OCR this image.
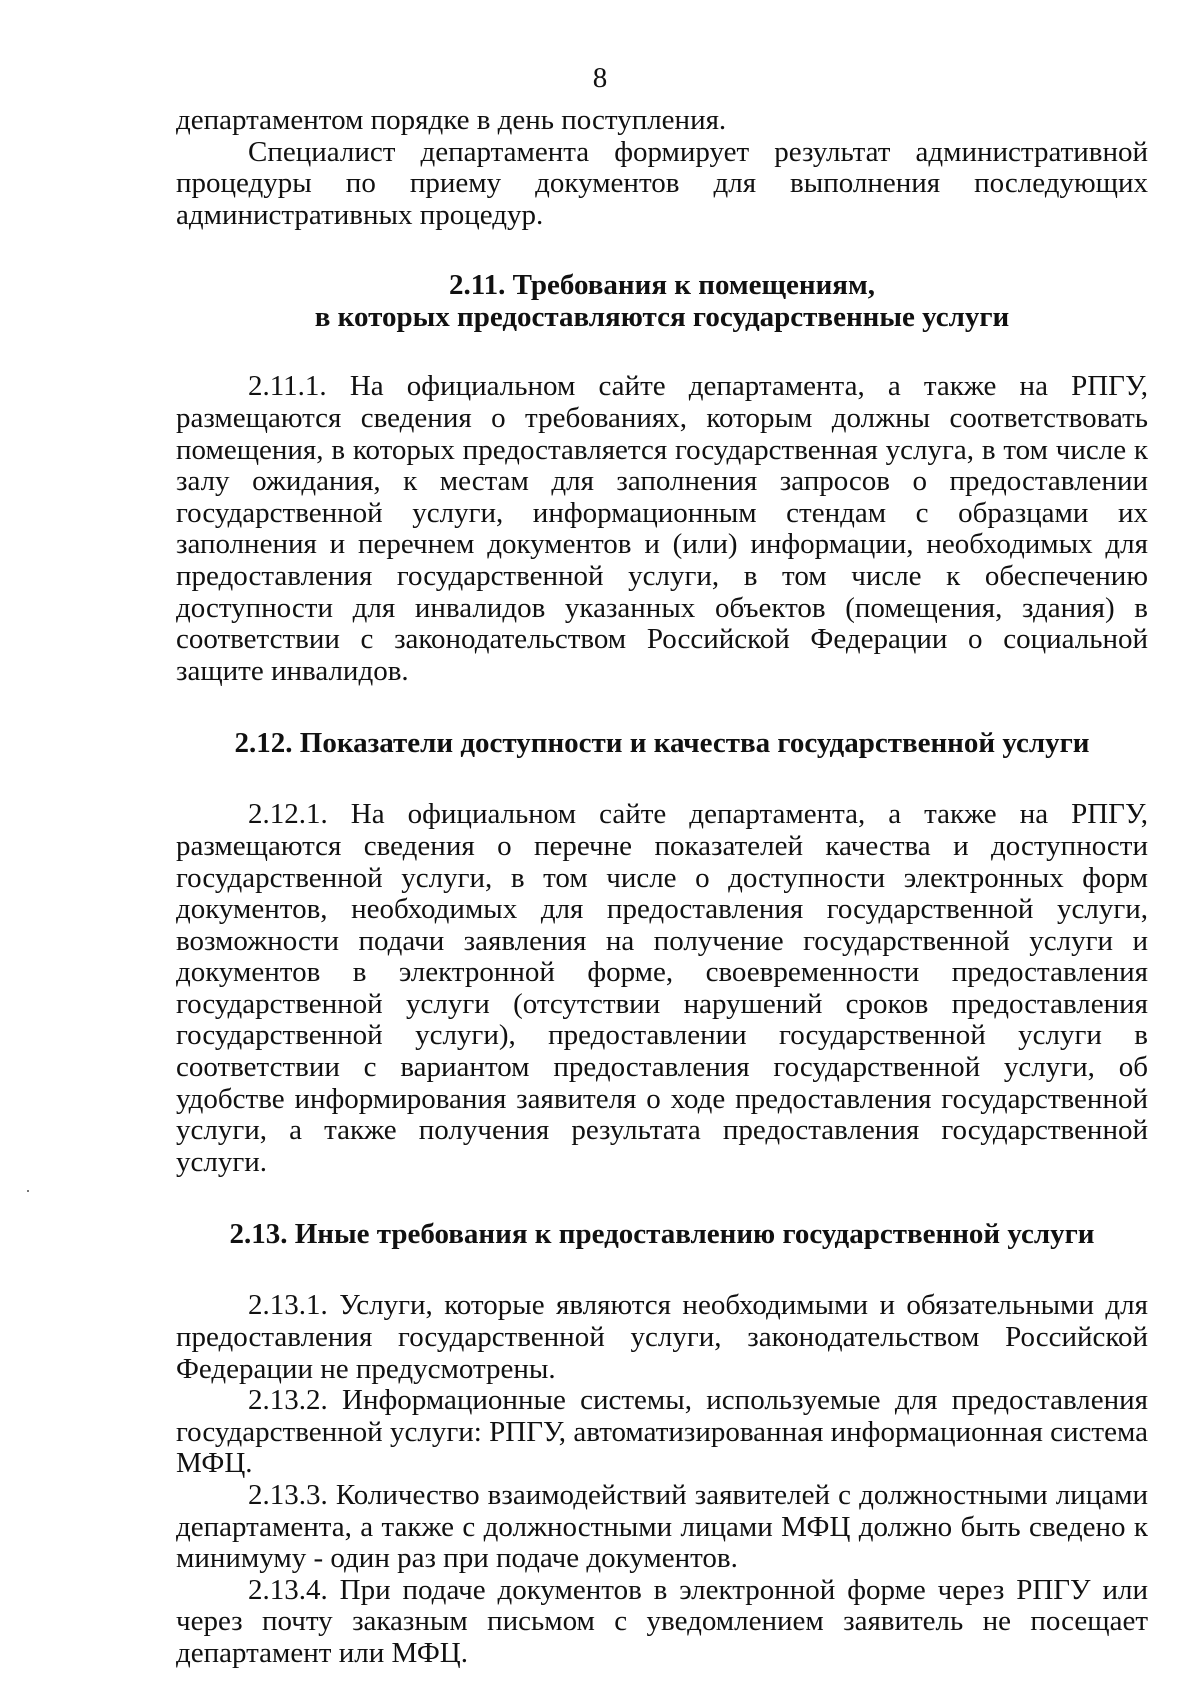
8

департаментом порядке в день поступления.

Специалист департамента формирует результат административной процедуры по приему документов для выполнения последующих административных процедур.

2.11. Требования к помещениям,
в которых предоставляются государственные услуги

2.11.1. На официальном сайте департамента, а также на РПГУ, размещаются сведения о требованиях, которым должны соответствовать помещения, в которых предоставляется государственная услуга, в том числе к залу ожидания, к местам для заполнения запросов о предоставлении государственной услуги, информационным стендам с образцами их заполнения и перечнем документов и (или) информации, необходимых для предоставления государственной услуги, в том числе к обеспечению доступности для инвалидов указанных объектов (помещения, здания) в соответствии с законодательством Российской Федерации о социальной защите инвалидов.

2.12. Показатели доступности и качества государственной услуги

2.12.1. На официальном сайте департамента, а также на РПГУ, размещаются сведения о перечне показателей качества и доступности государственной услуги, в том числе о доступности электронных форм документов, необходимых для предоставления государственной услуги, возможности подачи заявления на получение государственной услуги и документов в электронной форме, своевременности предоставления государственной услуги (отсутствии нарушений сроков предоставления государственной услуги), предоставлении государственной услуги в соответствии с вариантом предоставления государственной услуги, об удобстве информирования заявителя о ходе предоставления государственной услуги, а также получения результата предоставления государственной услуги.

2.13. Иные требования к предоставлению государственной услуги

2.13.1. Услуги, которые являются необходимыми и обязательными для предоставления государственной услуги, законодательством Российской Федерации не предусмотрены.

2.13.2. Информационные системы, используемые для предоставления государственной услуги: РПГУ, автоматизированная информационная система МФЦ.

2.13.3. Количество взаимодействий заявителей с должностными лицами департамента, а также с должностными лицами МФЦ должно быть сведено к минимуму - один раз при подаче документов.

2.13.4. При подаче документов в электронной форме через РПГУ или через почту заказным письмом с уведомлением заявитель не посещает департамент или МФЦ.
